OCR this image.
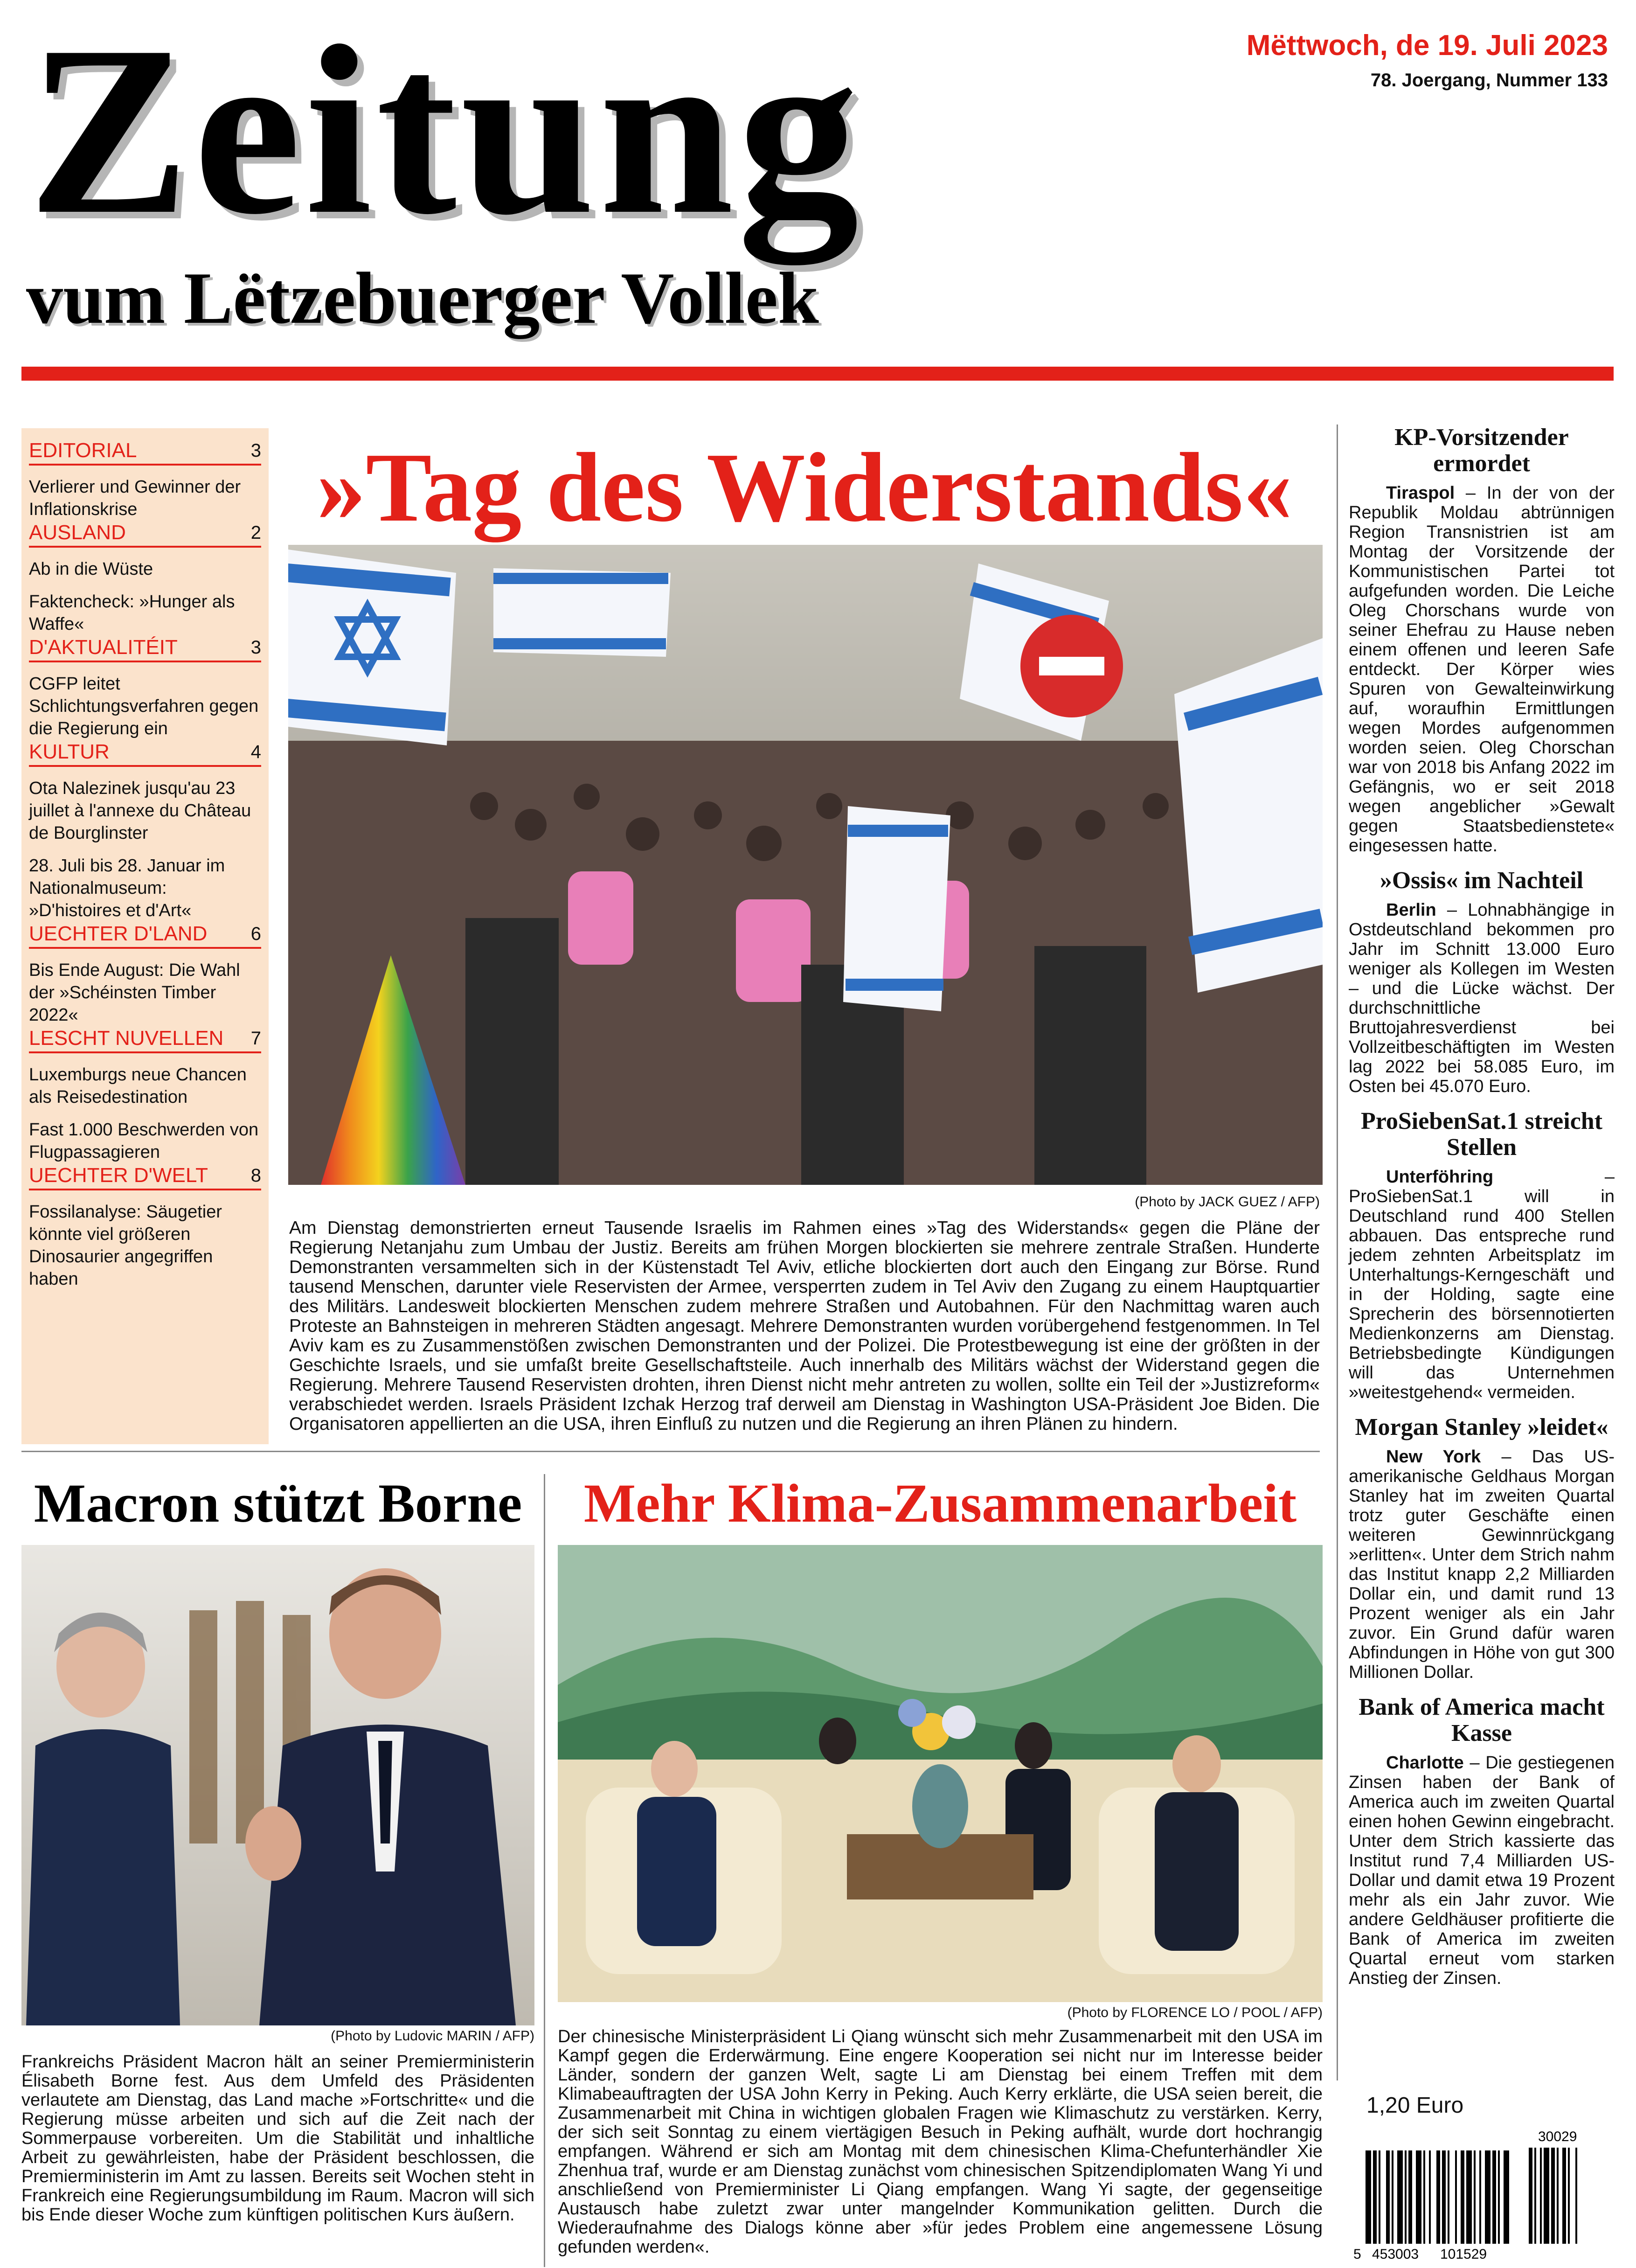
Zeitung
vum Lëtzebuerger Vollek
Mëttwoch, de 19. Juli 2023
78. Joergang, Nummer 133
EDITORIAL	3
Verlierer und Gewinner der Inflationskrise
AUSLAND	2
Ab in die Wüste
Faktencheck: »Hunger als Waffe«
D'AKTUALITÉIT	3
CGFP leitet Schlichtungsverfahren gegen die Regierung ein
KULTUR	4
Ota Nalezinek jusqu'au 23 juillet à l'annexe du Château de Bourglinster
28. Juli bis 28. Januar im Nationalmuseum: »D'histoires et d'Art«
UECHTER D'LAND 6
Bis Ende August: Die Wahl der »Schéinsten Timber 2022«
LESCHT NUVELLEN 7
Luxemburgs neue Chancen als Reisedestination
Fast 1.000 Beschwerden von Flugpassagieren
UECHTER D'WELT 8
Fossilanalyse: Säugetier könnte viel größeren Dinosaurier angegriffen haben
»Tag des Widerstands«
(Photo by JACK GUEZ / AFP)
Am Dienstag demonstrierten erneut Tausende Israelis im Rahmen eines »Tag des Widerstands« gegen die Pläne der Regierung Netanjahu zum Umbau der Justiz. Bereits am frühen Morgen blockierten sie mehrere zentrale Straßen. Hunderte Demonstranten versammelten sich in der Küstenstadt Tel Aviv, etliche blockierten dort auch den Eingang zur Börse. Rund tausend Menschen, darunter viele Reservisten der Armee, versperrten zudem in Tel Aviv den Zugang zu einem Hauptquartier des Militärs. Landesweit blockierten Menschen zudem mehrere Straßen und Autobahnen. Für den Nachmittag waren auch Proteste an Bahnsteigen in mehreren Städten angesagt. Mehrere Demonstranten wurden vorübergehend festgenommen. In Tel Aviv kam es zu Zusammenstößen zwischen Demonstranten und der Polizei. Die Protestbewegung ist eine der größten in der Geschichte Israels, und sie umfaßt breite Gesellschaftsteile. Auch innerhalb des Militärs wächst der Widerstand gegen die Regierung. Mehrere Tausend Reservisten drohten, ihren Dienst nicht mehr antreten zu wollen, sollte ein Teil der »Justizreform« verabschiedet werden. Israels Präsident Izchak Herzog traf derweil am Dienstag in Washington USA-Präsident Joe Biden. Die Organisatoren appellierten an die USA, ihren Einfluß zu nutzen und die Regierung an ihren Plänen zu hindern.
KP-Vorsitzender ermordet
Tiraspol – In der von der Republik Moldau abtrünnigen Region Transnistrien ist am Montag der Vorsitzende der Kommunistischen Partei tot aufgefunden worden. Die Leiche Oleg Chorschans wurde von seiner Ehefrau zu Hause neben einem offenen und leeren Safe entdeckt. Der Körper wies Spuren von Gewalteinwirkung auf, woraufhin Ermittlungen wegen Mordes aufgenommen worden seien. Oleg Chorschan war von 2018 bis Anfang 2022 im Gefängnis, wo er seit 2018 wegen angeblicher »Gewalt gegen Staatsbedienstete« eingesessen hatte.
»Ossis« im Nachteil
Berlin – Lohnabhängige in Ostdeutschland bekommen pro Jahr im Schnitt 13.000 Euro weniger als Kollegen im Westen – und die Lücke wächst. Der durchschnittliche Bruttojahresverdienst bei Vollzeitbeschäftigten im Westen lag 2022 bei 58.085 Euro, im Osten bei 45.070 Euro.
ProSiebenSat.1 streicht Stellen
Unterföhring – ProSiebenSat.1 will in Deutschland rund 400 Stellen abbauen. Das entspreche rund jedem zehnten Arbeitsplatz im Unterhaltungs-Kerngeschäft und in der Holding, sagte eine Sprecherin des börsennotierten Medienkonzerns am Dienstag. Betriebsbedingte Kündigungen will das Unternehmen »weitestgehend« vermeiden.
Morgan Stanley »leidet«
New York – Das US-amerikanische Geldhaus Morgan Stanley hat im zweiten Quartal trotz guter Geschäfte einen weiteren Gewinnrückgang »erlitten«. Unter dem Strich nahm das Institut knapp 2,2 Milliarden Dollar ein, und damit rund 13 Prozent weniger als ein Jahr zuvor. Ein Grund dafür waren Abfindungen in Höhe von gut 300 Millionen Dollar.
Bank of America macht Kasse
Charlotte – Die gestiegenen Zinsen haben der Bank of America auch im zweiten Quartal einen hohen Gewinn eingebracht. Unter dem Strich kassierte das Institut rund 7,4 Milliarden US-Dollar und damit etwa 19 Prozent mehr als ein Jahr zuvor. Wie andere Geldhäuser profitierte die Bank of America im zweiten Quartal erneut vom starken Anstieg der Zinsen.
Macron stützt Borne
(Photo by Ludovic MARIN / AFP)
Frankreichs Präsident Macron hält an seiner Premierministerin Élisabeth Borne fest. Aus dem Umfeld des Präsidenten verlautete am Dienstag, das Land mache »Fortschritte« und die Regierung müsse arbeiten und sich auf die Zeit nach der Sommerpause vorbereiten. Um die Stabilität und inhaltliche Arbeit zu gewährleisten, habe der Präsident beschlossen, die Premierministerin im Amt zu lassen. Bereits seit Wochen steht in Frankreich eine Regierungsumbildung im Raum. Macron will sich bis Ende dieser Woche zum künftigen politischen Kurs äußern.
Mehr Klima-Zusammenarbeit
(Photo by FLORENCE LO / POOL / AFP)
Der chinesische Ministerpräsident Li Qiang wünscht sich mehr Zusammenarbeit mit den USA im Kampf gegen die Erderwärmung. Eine engere Kooperation sei nicht nur im Interesse beider Länder, sondern der ganzen Welt, sagte Li am Dienstag bei einem Treffen mit dem Klimabeauftragten der USA John Kerry in Peking. Auch Kerry erklärte, die USA seien bereit, die Zusammenarbeit mit China in wichtigen globalen Fragen wie Klimaschutz zu verstärken. Kerry, der sich seit Sonntag zu einem viertägigen Besuch in Peking aufhält, wurde dort hochrangig empfangen. Während er sich am Montag mit dem chinesischen Klima-Chefunterhändler Xie Zhenhua traf, wurde er am Dienstag zunächst vom chinesischen Spitzendiplomaten Wang Yi und anschließend von Premierminister Li Qiang empfangen. Wang Yi sagte, der gegenseitige Austausch habe zuletzt zwar unter mangelnder Kommunikation gelitten. Durch die Wiederaufnahme des Dialogs könne aber »für jedes Problem eine angemessene Lösung gefunden werden«.
1,20 Euro
30029
5 453003 101529
